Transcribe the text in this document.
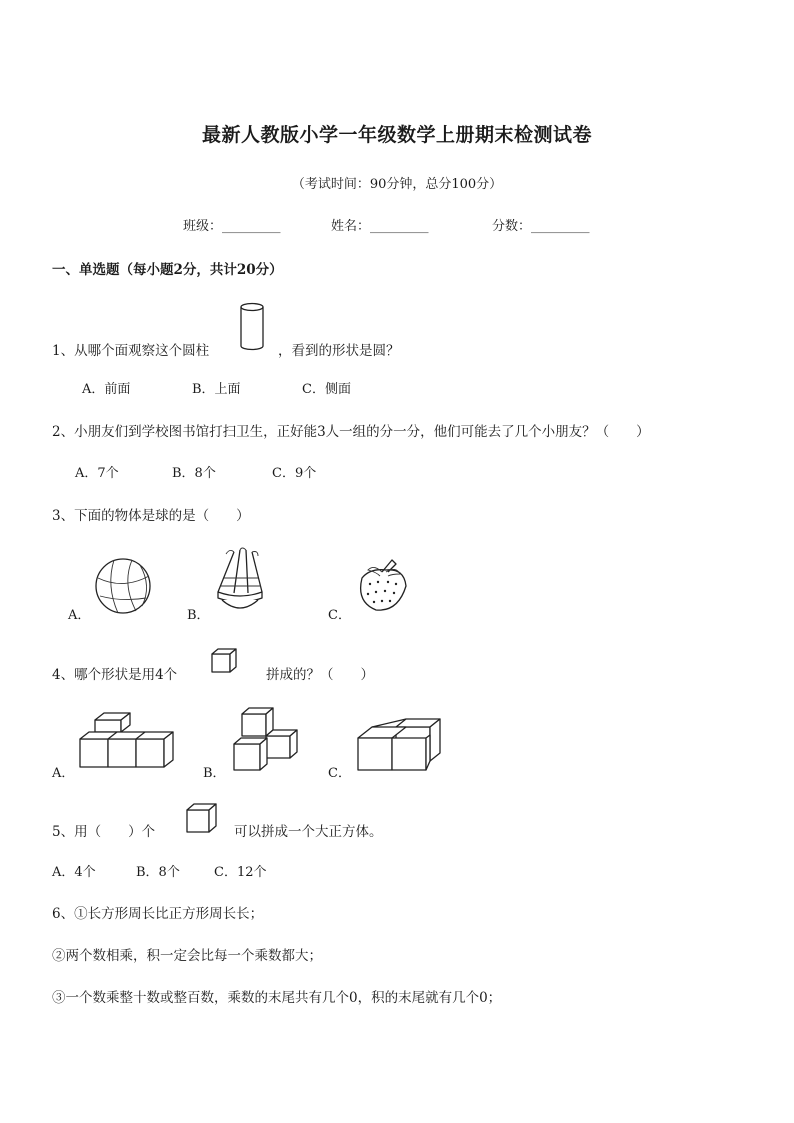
最新人教版小学一年级数学上册期末检测试卷
（考试时间：90分钟，总分100分）
班级：_________	姓名：_________	分数：_________
一、单选题（每小题2分，共计20分）
1、从哪个面观察这个圆柱	，看到的形状是圆？
A．前面	B．上面	C．侧面
2、小朋友们到学校图书馆打扫卫生，正好能3人一组的分一分，他们可能去了几个小朋友？（　　）
A．7个	B．8个	C．9个
3、下面的物体是球的是（　　）
A．	B．	C．
4、哪个形状是用4个	拼成的？（　　）
A．	B．	C．
5、用（　　）个	可以拼成一个大正方体。
A．4个	B．8个	C．12个
6、①长方形周长比正方形周长长；
②两个数相乘，积一定会比每一个乘数都大；
③一个数乘整十数或整百数，乘数的末尾共有几个0，积的末尾就有几个0；
